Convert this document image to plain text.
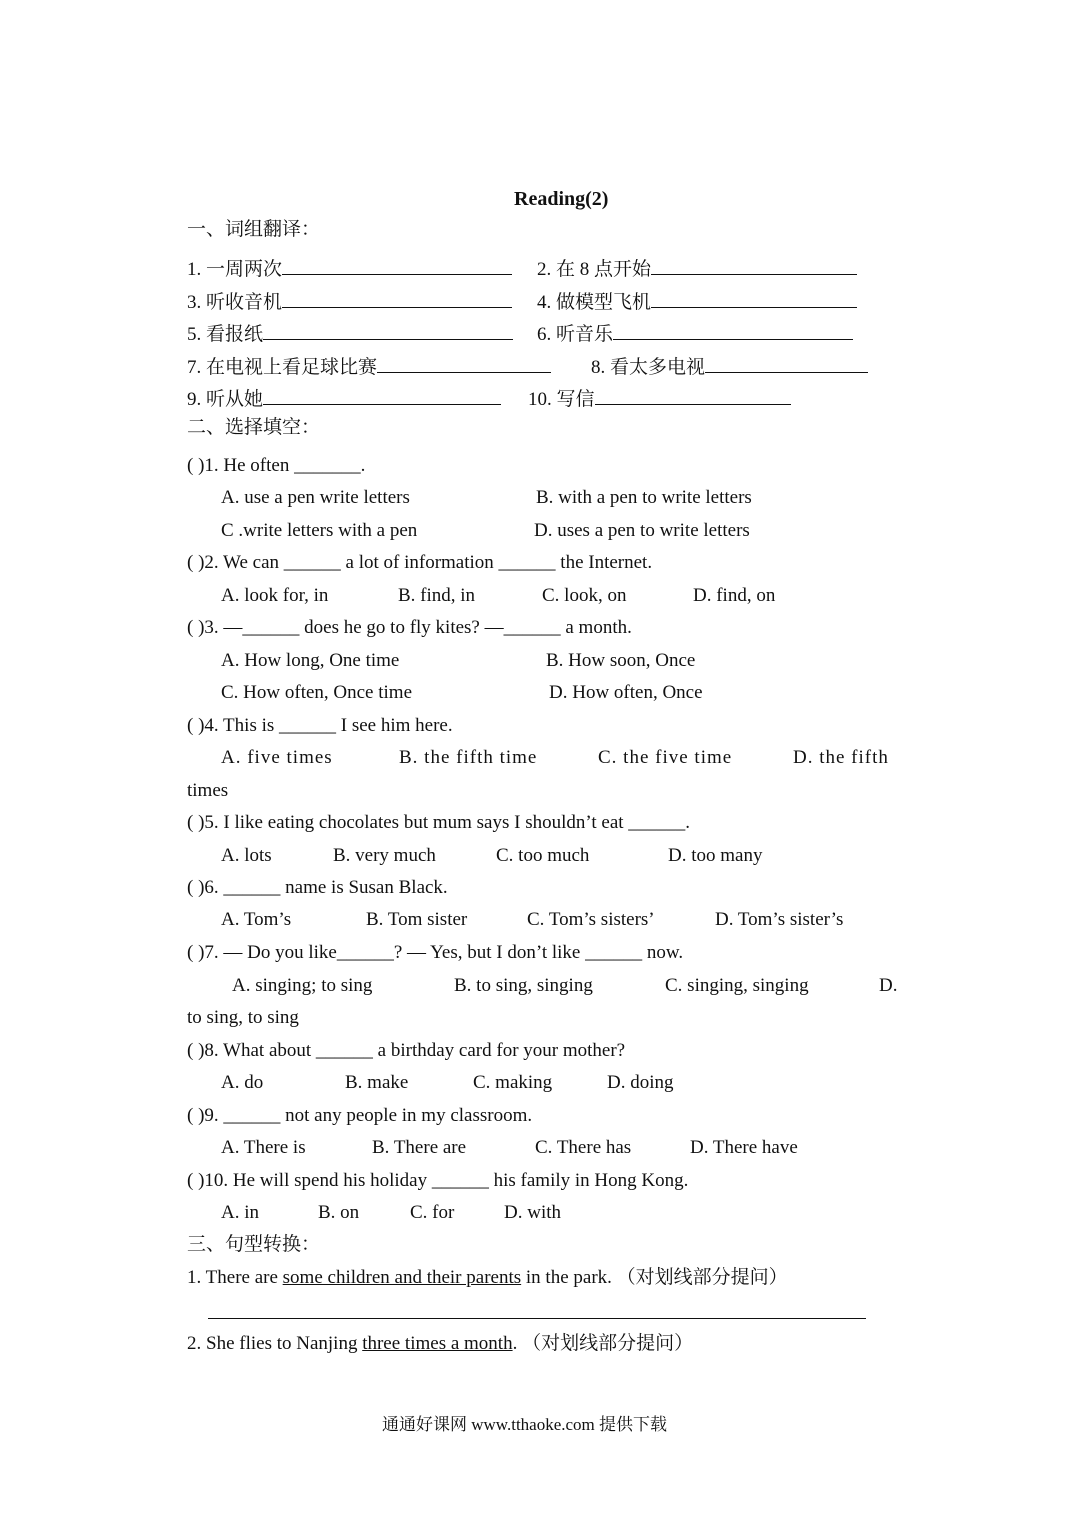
Reading(2)
一、词组翻译：
1. 一周两次	2. 在 8 点开始
3. 听收音机	4. 做模型飞机
5. 看报纸	6. 听音乐
7. 在电视上看足球比赛	8. 看太多电视
9. 听从她	10. 写信
二、选择填空：
( )1. He often _______.
A. use a pen write letters	B. with a pen to write letters
C .write letters with a pen	D. uses a pen to write letters
( )2. We can ______ a lot of information ______ the Internet.
A. look for, in	B. find, in	C. look, on	D. find, on
( )3. —______ does he go to fly kites? —______ a month.
A. How long, One time	B. How soon, Once
C. How often, Once time	D. How often, Once
( )4. This is ______ I see him here.
A. five times	B. the fifth time	C. the five time	D. the fifth
times
( )5. I like eating chocolates but mum says I shouldn’t eat ______.
A. lots	B. very much	C. too much	D. too many
( )6. ______ name is Susan Black.
A. Tom’s	B. Tom sister	C. Tom’s sisters’	D. Tom’s sister’s
( )7. — Do you like______? — Yes, but I don’t like ______ now.
A. singing; to sing	B. to sing, singing	C. singing, singing	D.
to sing, to sing
( )8. What about ______ a birthday card for your mother?
A. do	B. make	C. making	D. doing
( )9. ______ not any people in my classroom.
A. There is	B. There are	C. There has	D. There have
( )10. He will spend his holiday ______ his family in Hong Kong.
A. in	B. on	C. for	D. with
三、句型转换：
1. There are some children and their parents in the park. （对划线部分提问）
2. She flies to Nanjing three times a month. （对划线部分提问）
通通好课网 www.tthaoke.com 提供下载
